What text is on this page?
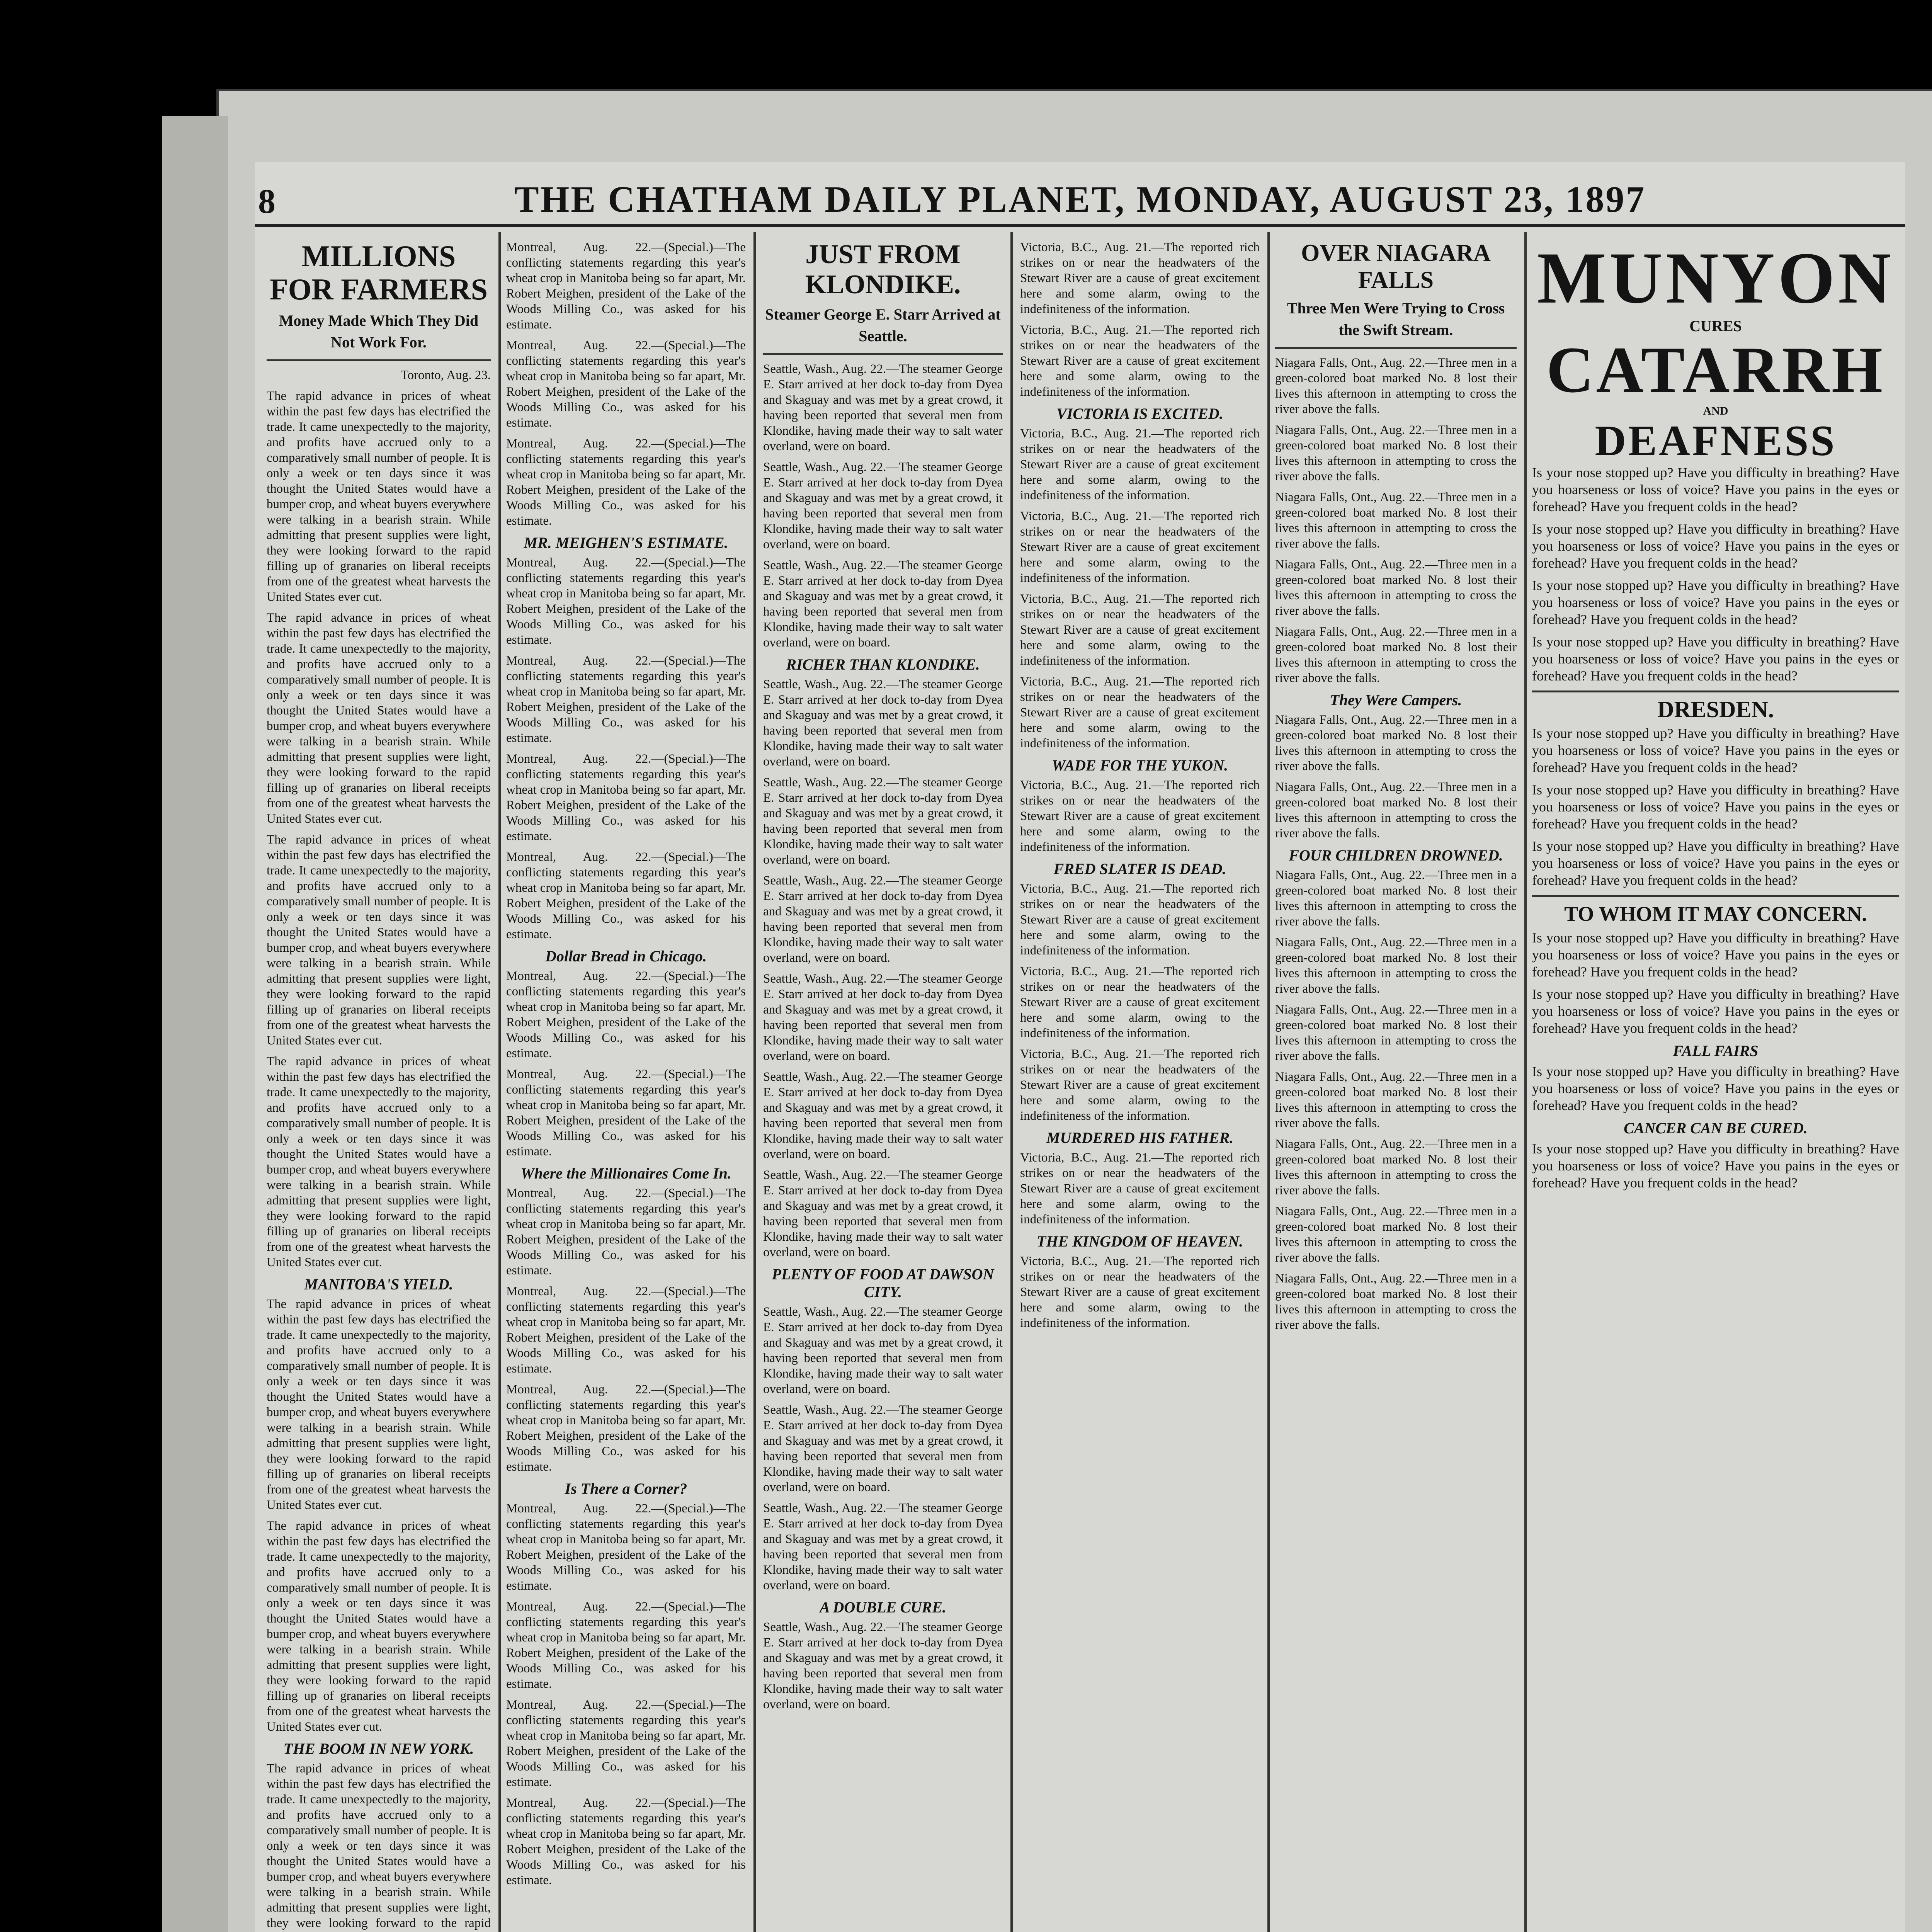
8	THE CHATHAM DAILY PLANET, MONDAY, AUGUST 23, 1897
MILLIONS FOR FARMERS
Money Made Which They Did Not Work For.

Toronto, Aug. 23.

The rapid advance in prices of wheat within the past few days has electrified the trade. It came unexpectedly to the majority, and profits have accrued only to a comparatively small number of people. It is only a week or ten days since it was thought the United States would have a bumper crop, and wheat buyers everywhere were talking in a bearish strain. While admitting that present supplies were light, they were looking forward to the rapid filling up of granaries on liberal receipts from one of the greatest wheat harvests the United States ever cut.

The rapid advance in prices of wheat within the past few days has electrified the trade. It came unexpectedly to the majority, and profits have accrued only to a comparatively small number of people. It is only a week or ten days since it was thought the United States would have a bumper crop, and wheat buyers everywhere were talking in a bearish strain. While admitting that present supplies were light, they were looking forward to the rapid filling up of granaries on liberal receipts from one of the greatest wheat harvests the United States ever cut.

The rapid advance in prices of wheat within the past few days has electrified the trade. It came unexpectedly to the majority, and profits have accrued only to a comparatively small number of people. It is only a week or ten days since it was thought the United States would have a bumper crop, and wheat buyers everywhere were talking in a bearish strain. While admitting that present supplies were light, they were looking forward to the rapid filling up of granaries on liberal receipts from one of the greatest wheat harvests the United States ever cut.

The rapid advance in prices of wheat within the past few days has electrified the trade. It came unexpectedly to the majority, and profits have accrued only to a comparatively small number of people. It is only a week or ten days since it was thought the United States would have a bumper crop, and wheat buyers everywhere were talking in a bearish strain. While admitting that present supplies were light, they were looking forward to the rapid filling up of granaries on liberal receipts from one of the greatest wheat harvests the United States ever cut.

MANITOBA'S YIELD.

The rapid advance in prices of wheat within the past few days has electrified the trade. It came unexpectedly to the majority, and profits have accrued only to a comparatively small number of people. It is only a week or ten days since it was thought the United States would have a bumper crop, and wheat buyers everywhere were talking in a bearish strain. While admitting that present supplies were light, they were looking forward to the rapid filling up of granaries on liberal receipts from one of the greatest wheat harvests the United States ever cut.

The rapid advance in prices of wheat within the past few days has electrified the trade. It came unexpectedly to the majority, and profits have accrued only to a comparatively small number of people. It is only a week or ten days since it was thought the United States would have a bumper crop, and wheat buyers everywhere were talking in a bearish strain. While admitting that present supplies were light, they were looking forward to the rapid filling up of granaries on liberal receipts from one of the greatest wheat harvests the United States ever cut.

THE BOOM IN NEW YORK.

The rapid advance in prices of wheat within the past few days has electrified the trade. It came unexpectedly to the majority, and profits have accrued only to a comparatively small number of people. It is only a week or ten days since it was thought the United States would have a bumper crop, and wheat buyers everywhere were talking in a bearish strain. While admitting that present supplies were light, they were looking forward to the rapid

Montreal, Aug. 22.—(Special.)—The conflicting statements regarding this year's wheat crop in Manitoba being so far apart, Mr. Robert Meighen, president of the Lake of the Woods Milling Co., was asked for his estimate.

Montreal, Aug. 22.—(Special.)—The conflicting statements regarding this year's wheat crop in Manitoba being so far apart, Mr. Robert Meighen, president of the Lake of the Woods Milling Co., was asked for his estimate.

Montreal, Aug. 22.—(Special.)—The conflicting statements regarding this year's wheat crop in Manitoba being so far apart, Mr. Robert Meighen, president of the Lake of the Woods Milling Co., was asked for his estimate.

MR. MEIGHEN'S ESTIMATE.

Montreal, Aug. 22.—(Special.)—The conflicting statements regarding this year's wheat crop in Manitoba being so far apart, Mr. Robert Meighen, president of the Lake of the Woods Milling Co., was asked for his estimate.

Montreal, Aug. 22.—(Special.)—The conflicting statements regarding this year's wheat crop in Manitoba being so far apart, Mr. Robert Meighen, president of the Lake of the Woods Milling Co., was asked for his estimate.

Montreal, Aug. 22.—(Special.)—The conflicting statements regarding this year's wheat crop in Manitoba being so far apart, Mr. Robert Meighen, president of the Lake of the Woods Milling Co., was asked for his estimate.

Montreal, Aug. 22.—(Special.)—The conflicting statements regarding this year's wheat crop in Manitoba being so far apart, Mr. Robert Meighen, president of the Lake of the Woods Milling Co., was asked for his estimate.

Dollar Bread in Chicago.

Montreal, Aug. 22.—(Special.)—The conflicting statements regarding this year's wheat crop in Manitoba being so far apart, Mr. Robert Meighen, president of the Lake of the Woods Milling Co., was asked for his estimate.

Montreal, Aug. 22.—(Special.)—The conflicting statements regarding this year's wheat crop in Manitoba being so far apart, Mr. Robert Meighen, president of the Lake of the Woods Milling Co., was asked for his estimate.

Where the Millionaires Come In.

Montreal, Aug. 22.—(Special.)—The conflicting statements regarding this year's wheat crop in Manitoba being so far apart, Mr. Robert Meighen, president of the Lake of the Woods Milling Co., was asked for his estimate.

Montreal, Aug. 22.—(Special.)—The conflicting statements regarding this year's wheat crop in Manitoba being so far apart, Mr. Robert Meighen, president of the Lake of the Woods Milling Co., was asked for his estimate.

Montreal, Aug. 22.—(Special.)—The conflicting statements regarding this year's wheat crop in Manitoba being so far apart, Mr. Robert Meighen, president of the Lake of the Woods Milling Co., was asked for his estimate.

Is There a Corner?

Montreal, Aug. 22.—(Special.)—The conflicting statements regarding this year's wheat crop in Manitoba being so far apart, Mr. Robert Meighen, president of the Lake of the Woods Milling Co., was asked for his estimate.

Montreal, Aug. 22.—(Special.)—The conflicting statements regarding this year's wheat crop in Manitoba being so far apart, Mr. Robert Meighen, president of the Lake of the Woods Milling Co., was asked for his estimate.

Montreal, Aug. 22.—(Special.)—The conflicting statements regarding this year's wheat crop in Manitoba being so far apart, Mr. Robert Meighen, president of the Lake of the Woods Milling Co., was asked for his estimate.

Montreal, Aug. 22.—(Special.)—The conflicting statements regarding this year's wheat crop in Manitoba being so far apart, Mr. Robert Meighen, president of the Lake of the Woods Milling Co., was asked for his estimate.

JUST FROM KLONDIKE.
Steamer George E. Starr Arrived at Seattle.

Seattle, Wash., Aug. 22.—The steamer George E. Starr arrived at her dock to-day from Dyea and Skaguay and was met by a great crowd, it having been reported that several men from Klondike, having made their way to salt water overland, were on board.

Seattle, Wash., Aug. 22.—The steamer George E. Starr arrived at her dock to-day from Dyea and Skaguay and was met by a great crowd, it having been reported that several men from Klondike, having made their way to salt water overland, were on board.

Seattle, Wash., Aug. 22.—The steamer George E. Starr arrived at her dock to-day from Dyea and Skaguay and was met by a great crowd, it having been reported that several men from Klondike, having made their way to salt water overland, were on board.

RICHER THAN KLONDIKE.

Seattle, Wash., Aug. 22.—The steamer George E. Starr arrived at her dock to-day from Dyea and Skaguay and was met by a great crowd, it having been reported that several men from Klondike, having made their way to salt water overland, were on board.

Seattle, Wash., Aug. 22.—The steamer George E. Starr arrived at her dock to-day from Dyea and Skaguay and was met by a great crowd, it having been reported that several men from Klondike, having made their way to salt water overland, were on board.

Seattle, Wash., Aug. 22.—The steamer George E. Starr arrived at her dock to-day from Dyea and Skaguay and was met by a great crowd, it having been reported that several men from Klondike, having made their way to salt water overland, were on board.

Seattle, Wash., Aug. 22.—The steamer George E. Starr arrived at her dock to-day from Dyea and Skaguay and was met by a great crowd, it having been reported that several men from Klondike, having made their way to salt water overland, were on board.

Seattle, Wash., Aug. 22.—The steamer George E. Starr arrived at her dock to-day from Dyea and Skaguay and was met by a great crowd, it having been reported that several men from Klondike, having made their way to salt water overland, were on board.

Seattle, Wash., Aug. 22.—The steamer George E. Starr arrived at her dock to-day from Dyea and Skaguay and was met by a great crowd, it having been reported that several men from Klondike, having made their way to salt water overland, were on board.

PLENTY OF FOOD AT DAWSON CITY.

Seattle, Wash., Aug. 22.—The steamer George E. Starr arrived at her dock to-day from Dyea and Skaguay and was met by a great crowd, it having been reported that several men from Klondike, having made their way to salt water overland, were on board.

Seattle, Wash., Aug. 22.—The steamer George E. Starr arrived at her dock to-day from Dyea and Skaguay and was met by a great crowd, it having been reported that several men from Klondike, having made their way to salt water overland, were on board.

Seattle, Wash., Aug. 22.—The steamer George E. Starr arrived at her dock to-day from Dyea and Skaguay and was met by a great crowd, it having been reported that several men from Klondike, having made their way to salt water overland, were on board.

A DOUBLE CURE.

Seattle, Wash., Aug. 22.—The steamer George E. Starr arrived at her dock to-day from Dyea and Skaguay and was met by a great crowd, it having been reported that several men from Klondike, having made their way to salt water overland, were on board.

Victoria, B.C., Aug. 21.—The reported rich strikes on or near the headwaters of the Stewart River are a cause of great excitement here and some alarm, owing to the indefiniteness of the information.

Victoria, B.C., Aug. 21.—The reported rich strikes on or near the headwaters of the Stewart River are a cause of great excitement here and some alarm, owing to the indefiniteness of the information.

VICTORIA IS EXCITED.

Victoria, B.C., Aug. 21.—The reported rich strikes on or near the headwaters of the Stewart River are a cause of great excitement here and some alarm, owing to the indefiniteness of the information.

Victoria, B.C., Aug. 21.—The reported rich strikes on or near the headwaters of the Stewart River are a cause of great excitement here and some alarm, owing to the indefiniteness of the information.

Victoria, B.C., Aug. 21.—The reported rich strikes on or near the headwaters of the Stewart River are a cause of great excitement here and some alarm, owing to the indefiniteness of the information.

Victoria, B.C., Aug. 21.—The reported rich strikes on or near the headwaters of the Stewart River are a cause of great excitement here and some alarm, owing to the indefiniteness of the information.

WADE FOR THE YUKON.

Victoria, B.C., Aug. 21.—The reported rich strikes on or near the headwaters of the Stewart River are a cause of great excitement here and some alarm, owing to the indefiniteness of the information.

FRED SLATER IS DEAD.

Victoria, B.C., Aug. 21.—The reported rich strikes on or near the headwaters of the Stewart River are a cause of great excitement here and some alarm, owing to the indefiniteness of the information.

Victoria, B.C., Aug. 21.—The reported rich strikes on or near the headwaters of the Stewart River are a cause of great excitement here and some alarm, owing to the indefiniteness of the information.

Victoria, B.C., Aug. 21.—The reported rich strikes on or near the headwaters of the Stewart River are a cause of great excitement here and some alarm, owing to the indefiniteness of the information.

MURDERED HIS FATHER.

Victoria, B.C., Aug. 21.—The reported rich strikes on or near the headwaters of the Stewart River are a cause of great excitement here and some alarm, owing to the indefiniteness of the information.

THE KINGDOM OF HEAVEN.

Victoria, B.C., Aug. 21.—The reported rich strikes on or near the headwaters of the Stewart River are a cause of great excitement here and some alarm, owing to the indefiniteness of the information.

OVER NIAGARA FALLS
Three Men Were Trying to Cross the Swift Stream.

Niagara Falls, Ont., Aug. 22.—Three men in a green-colored boat marked No. 8 lost their lives this afternoon in attempting to cross the river above the falls.

Niagara Falls, Ont., Aug. 22.—Three men in a green-colored boat marked No. 8 lost their lives this afternoon in attempting to cross the river above the falls.

Niagara Falls, Ont., Aug. 22.—Three men in a green-colored boat marked No. 8 lost their lives this afternoon in attempting to cross the river above the falls.

Niagara Falls, Ont., Aug. 22.—Three men in a green-colored boat marked No. 8 lost their lives this afternoon in attempting to cross the river above the falls.

Niagara Falls, Ont., Aug. 22.—Three men in a green-colored boat marked No. 8 lost their lives this afternoon in attempting to cross the river above the falls.

They Were Campers.

Niagara Falls, Ont., Aug. 22.—Three men in a green-colored boat marked No. 8 lost their lives this afternoon in attempting to cross the river above the falls.

Niagara Falls, Ont., Aug. 22.—Three men in a green-colored boat marked No. 8 lost their lives this afternoon in attempting to cross the river above the falls.

FOUR CHILDREN DROWNED.

Niagara Falls, Ont., Aug. 22.—Three men in a green-colored boat marked No. 8 lost their lives this afternoon in attempting to cross the river above the falls.

Niagara Falls, Ont., Aug. 22.—Three men in a green-colored boat marked No. 8 lost their lives this afternoon in attempting to cross the river above the falls.

Niagara Falls, Ont., Aug. 22.—Three men in a green-colored boat marked No. 8 lost their lives this afternoon in attempting to cross the river above the falls.

Niagara Falls, Ont., Aug. 22.—Three men in a green-colored boat marked No. 8 lost their lives this afternoon in attempting to cross the river above the falls.

Niagara Falls, Ont., Aug. 22.—Three men in a green-colored boat marked No. 8 lost their lives this afternoon in attempting to cross the river above the falls.

Niagara Falls, Ont., Aug. 22.—Three men in a green-colored boat marked No. 8 lost their lives this afternoon in attempting to cross the river above the falls.

Niagara Falls, Ont., Aug. 22.—Three men in a green-colored boat marked No. 8 lost their lives this afternoon in attempting to cross the river above the falls.

MUNYON
CURES
CATARRH
AND
DEAFNESS

Is your nose stopped up? Have you difficulty in breathing? Have you hoarseness or loss of voice? Have you pains in the eyes or forehead? Have you frequent colds in the head?

Is your nose stopped up? Have you difficulty in breathing? Have you hoarseness or loss of voice? Have you pains in the eyes or forehead? Have you frequent colds in the head?

Is your nose stopped up? Have you difficulty in breathing? Have you hoarseness or loss of voice? Have you pains in the eyes or forehead? Have you frequent colds in the head?

Is your nose stopped up? Have you difficulty in breathing? Have you hoarseness or loss of voice? Have you pains in the eyes or forehead? Have you frequent colds in the head?

DRESDEN.

Is your nose stopped up? Have you difficulty in breathing? Have you hoarseness or loss of voice? Have you pains in the eyes or forehead? Have you frequent colds in the head?

Is your nose stopped up? Have you difficulty in breathing? Have you hoarseness or loss of voice? Have you pains in the eyes or forehead? Have you frequent colds in the head?

Is your nose stopped up? Have you difficulty in breathing? Have you hoarseness or loss of voice? Have you pains in the eyes or forehead? Have you frequent colds in the head?

TO WHOM IT MAY CONCERN.

Is your nose stopped up? Have you difficulty in breathing? Have you hoarseness or loss of voice? Have you pains in the eyes or forehead? Have you frequent colds in the head?

Is your nose stopped up? Have you difficulty in breathing? Have you hoarseness or loss of voice? Have you pains in the eyes or forehead? Have you frequent colds in the head?

FALL FAIRS

Is your nose stopped up? Have you difficulty in breathing? Have you hoarseness or loss of voice? Have you pains in the eyes or forehead? Have you frequent colds in the head?

CANCER CAN BE CURED.

Is your nose stopped up? Have you difficulty in breathing? Have you hoarseness or loss of voice? Have you pains in the eyes or forehead? Have you frequent colds in the head?
